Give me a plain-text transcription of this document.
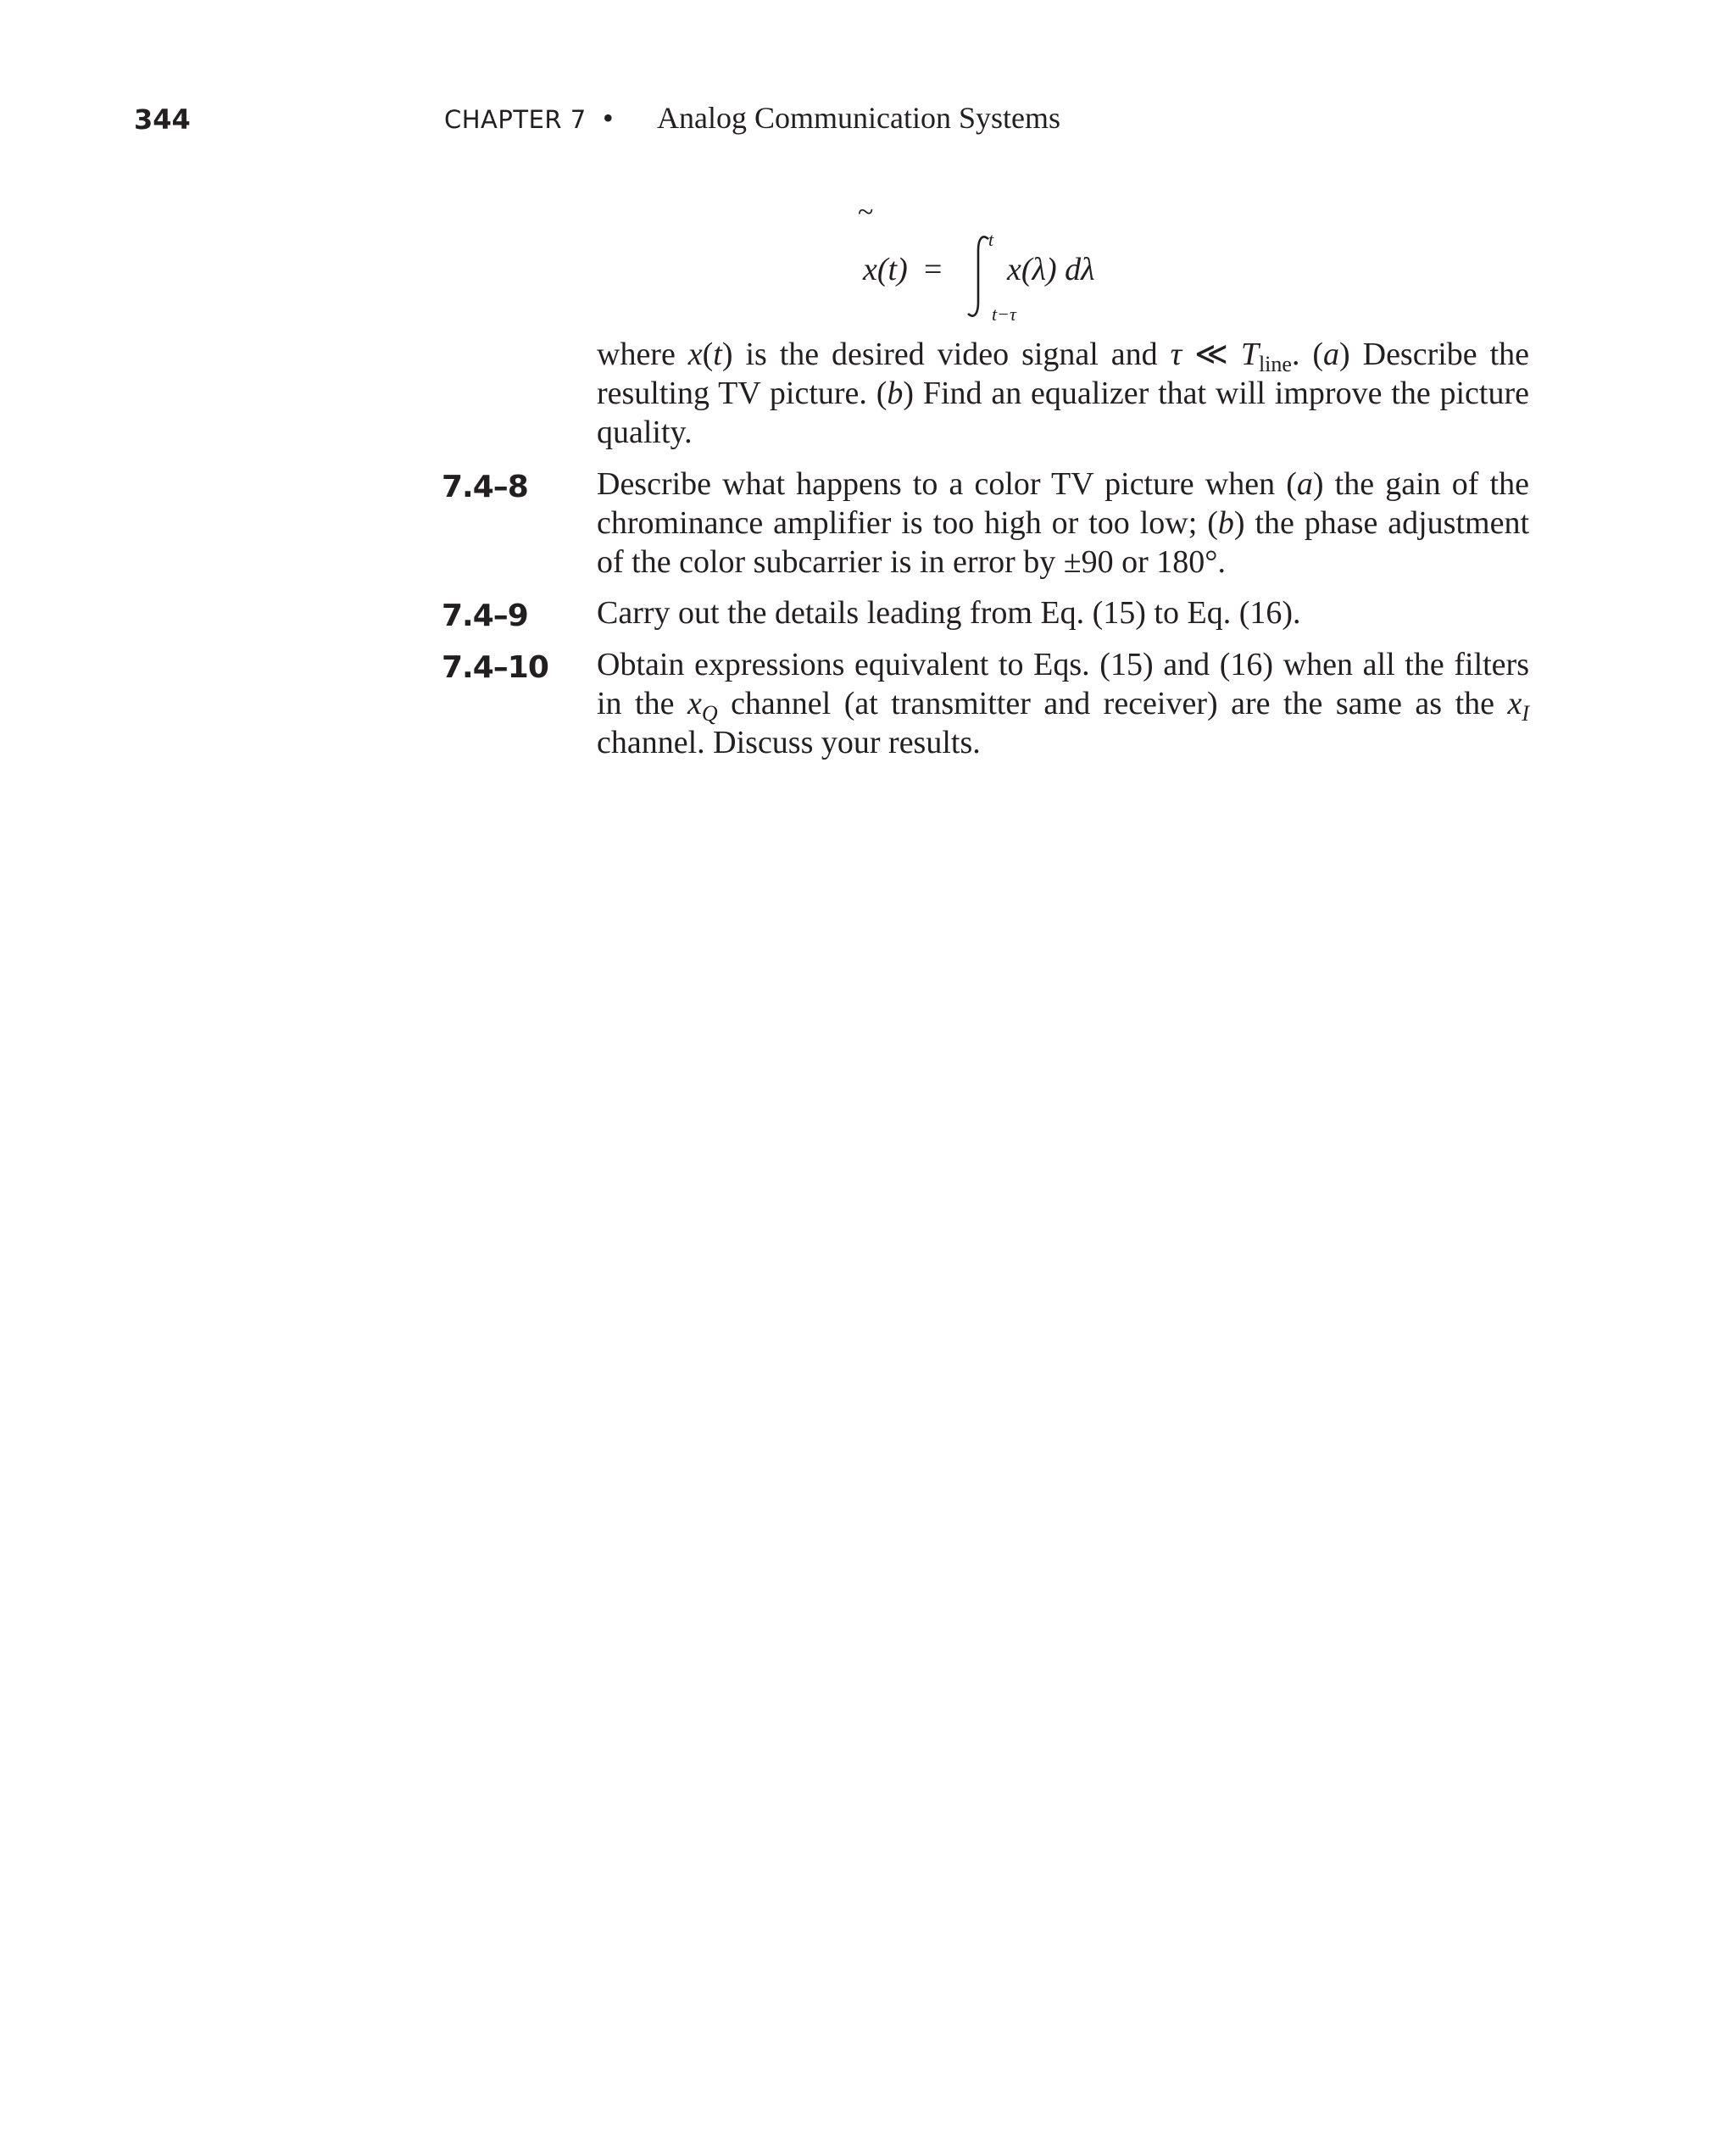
344	CHAPTER 7 • Analog Communication Systems
x(t)
~
=
t
t−τ
x(λ) dλ
where x(t) is the desired video signal and τ ≪ $T_{line}$. (a) Describe the resulting TV picture. (b) Find an equalizer that will improve the picture quality.
7.4–8 Describe what happens to a color TV picture when (a) the gain of the chrominance amplifier is too high or too low; (b) the phase adjustment of the color subcarrier is in error by ±90 or 180°.
7.4–9 Carry out the details leading from Eq. (15) to Eq. (16).
7.4–10 Obtain expressions equivalent to Eqs. (15) and (16) when all the filters in the $x_Q$ channel (at transmitter and receiver) are the same as the $x_I$ channel. Discuss your results.
